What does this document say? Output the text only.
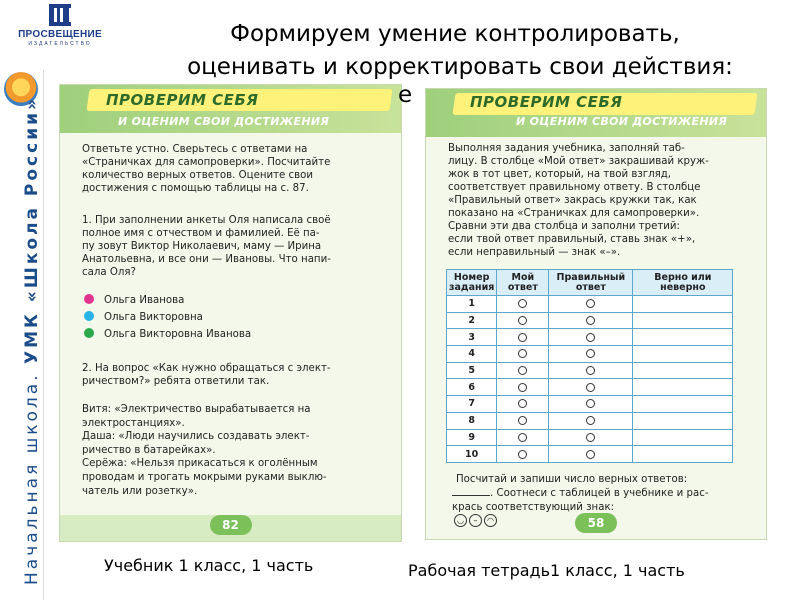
ПРОСВЕЩЕНИЕ
ИЗДАТЕЛЬСТВО
Начальная школа. УМК «Школа России»
Формируем умение контролировать,
оценивать и корректировать свои действия:
ПРОВЕРИМ СЕБЯ
И ОЦЕНИМ СВОИ ДОСТИЖЕНИЯ
Ответьте устно. Сверьтесь с ответами на
«Страничках для самопроверки». Посчитайте
количество верных ответов. Оцените свои
достижения с помощью таблицы на с. 87.
1. При заполнении анкеты Оля написала своё
полное имя с отчеством и фамилией. Её па-
пу зовут Виктор Николаевич, маму — Ирина
Анатольевна, и все они — Ивановы. Что напи-
сала Оля?
Ольга Иванова
Ольга Викторовна
Ольга Викторовна Иванова
2. На вопрос «Как нужно обращаться с элект-
ричеством?» ребята ответили так.
Витя: «Электричество вырабатывается на
электростанциях».
Даша: «Люди научились создавать элект-
ричество в батарейках».
Серёжа: «Нельзя прикасаться к оголённым
проводам и трогать мокрыми руками выклю-
чатель или розетку».
82
ПРОВЕРИМ СЕБЯ
И ОЦЕНИМ СВОИ ДОСТИЖЕНИЯ
Выполняя задания учебника, заполняй таб-
лицу. В столбце «Мой ответ» закрашивай круж-
жок в тот цвет, который, на твой взгляд,
соответствует правильному ответу. В столбце
«Правильный ответ» закрась кружки так, как
показано на «Страничках для самопроверки».
Сравни эти два столбца и заполни третий:
если твой ответ правильный, ставь знак «+»,
если неправильный — знак «–».
Номер задания	Мой ответ	Правильный ответ	Верно или неверно
1			
2			
3			
4			
5			
6			
7			
8			
9			
10			
Посчитай и запиши число верных ответов:
. Соотнеси с таблицей в учебнике и рас-
крась соответствующий знак:
◡ – ◠	58
е
Учебник 1 класс, 1 часть	Рабочая тетрадь1 класс, 1 часть
